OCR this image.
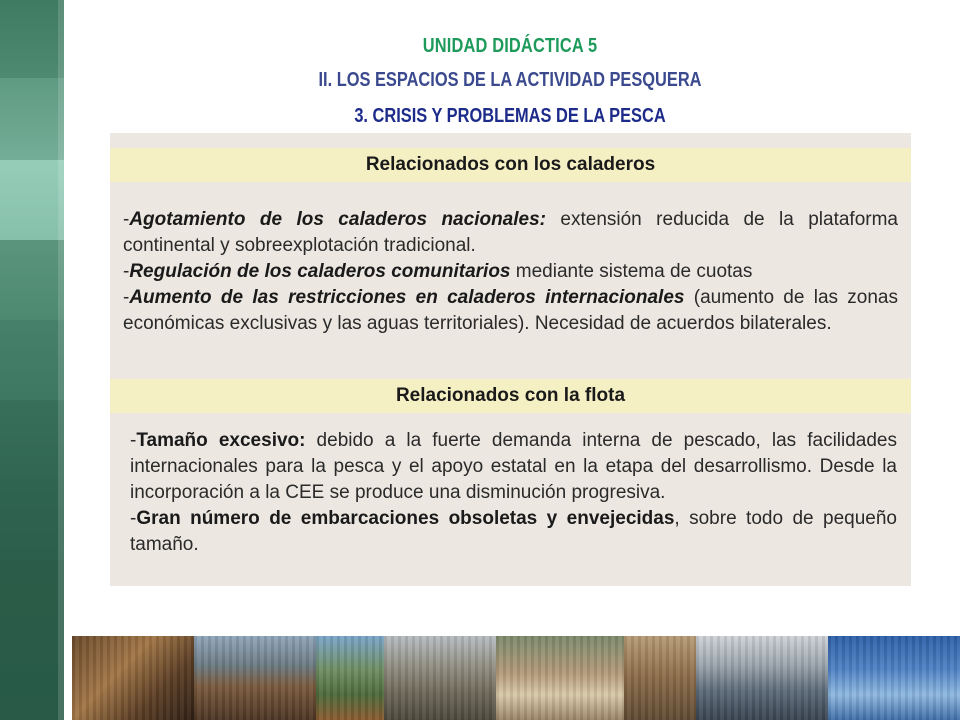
UNIDAD DIDÁCTICA 5
II. LOS ESPACIOS DE LA ACTIVIDAD PESQUERA
3. CRISIS Y PROBLEMAS DE LA PESCA
Relacionados con los caladeros

-Agotamiento de los caladeros nacionales: extensión reducida de la plataforma continental y sobreexplotación tradicional.

-Regulación de los caladeros comunitarios mediante sistema de cuotas

-Aumento de las restricciones en caladeros internacionales (aumento de las zonas económicas exclusivas y las aguas territoriales). Necesidad de acuerdos bilaterales.

Relacionados con la flota

-Tamaño excesivo: debido a la fuerte demanda interna de pescado, las facilidades internacionales para la pesca y el apoyo estatal en la etapa del desarrollismo. Desde la incorporación a la CEE se produce una disminución progresiva.

-Gran número de embarcaciones obsoletas y envejecidas, sobre todo de pequeño tamaño.
